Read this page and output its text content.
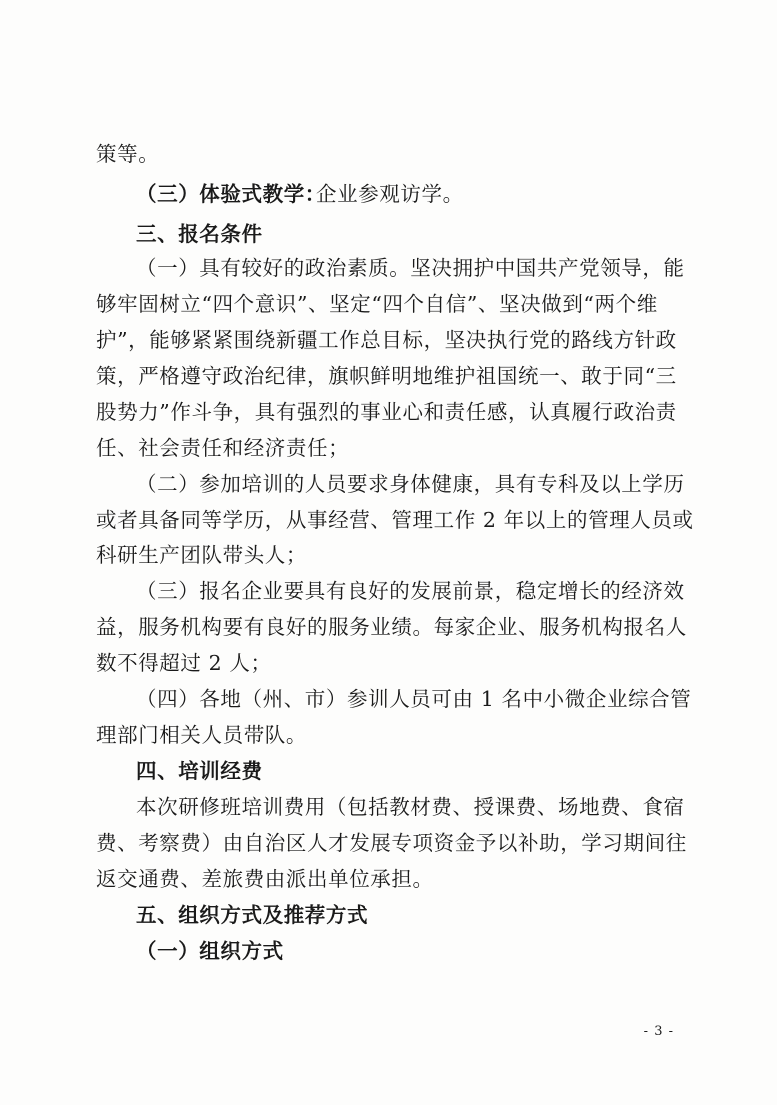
策等。
（三）体验式教学：
企业参观访学。
三、报名条件
（一）具有较好的政治素质。坚决拥护中国共产党领导，能
够牢固树立“四个意识”、坚定“四个自信”、坚决做到“两个维
护”，能够紧紧围绕新疆工作总目标，坚决执行党的路线方针政
策，严格遵守政治纪律，旗帜鲜明地维护祖国统一、敢于同“三
股势力”作斗争，具有强烈的事业心和责任感，认真履行政治责
任、社会责任和经济责任；
（二）参加培训的人员要求身体健康，具有专科及以上学历
或者具备同等学历，从事经营、管理工作 2 年以上的管理人员或
科研生产团队带头人；
（三）报名企业要具有良好的发展前景，稳定增长的经济效
益，服务机构要有良好的服务业绩。每家企业、服务机构报名人
数不得超过 2 人；
（四）各地（州、市）参训人员可由 1 名中小微企业综合管
理部门相关人员带队。
四、培训经费
本次研修班培训费用（包括教材费、授课费、场地费、食宿
费、考察费）由自治区人才发展专项资金予以补助，学习期间往
返交通费、差旅费由派出单位承担。
五、组织方式及推荐方式
（一）组织方式
- 3 -
